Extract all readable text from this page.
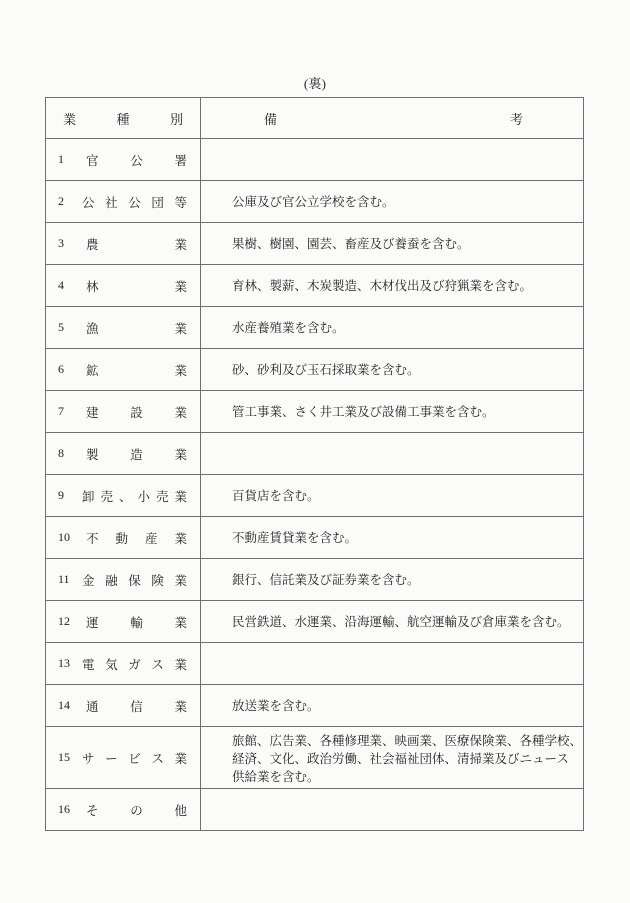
(裏)
業種別	備 考

1 官公署	

2 公社公団等	公庫及び官公立学校を含む。

3 農業	果樹、樹園、園芸、畜産及び養蚕を含む。

4 林業	育林、製薪、木炭製造、木材伐出及び狩猟業を含む。

5 漁業	水産養殖業を含む。

6 鉱業	砂、砂利及び玉石採取業を含む。

7 建設業	管工事業、さく井工業及び設備工事業を含む。

8 製造業	

9 卸売、小売業	百貨店を含む。

10 不動産業	不動産賃貸業を含む。

11 金融保険業	銀行、信託業及び証券業を含む。

12 運輸業	民営鉄道、水運業、沿海運輸、航空運輸及び倉庫業を含む。

13 電気ガス業	

14 通信業	放送業を含む。

15 サービス業	旅館、広告業、各種修理業、映画業、医療保険業、各種学校、
経済、文化、政治労働、社会福祉団体、清掃業及びニュース
供給業を含む。

16 その他	
